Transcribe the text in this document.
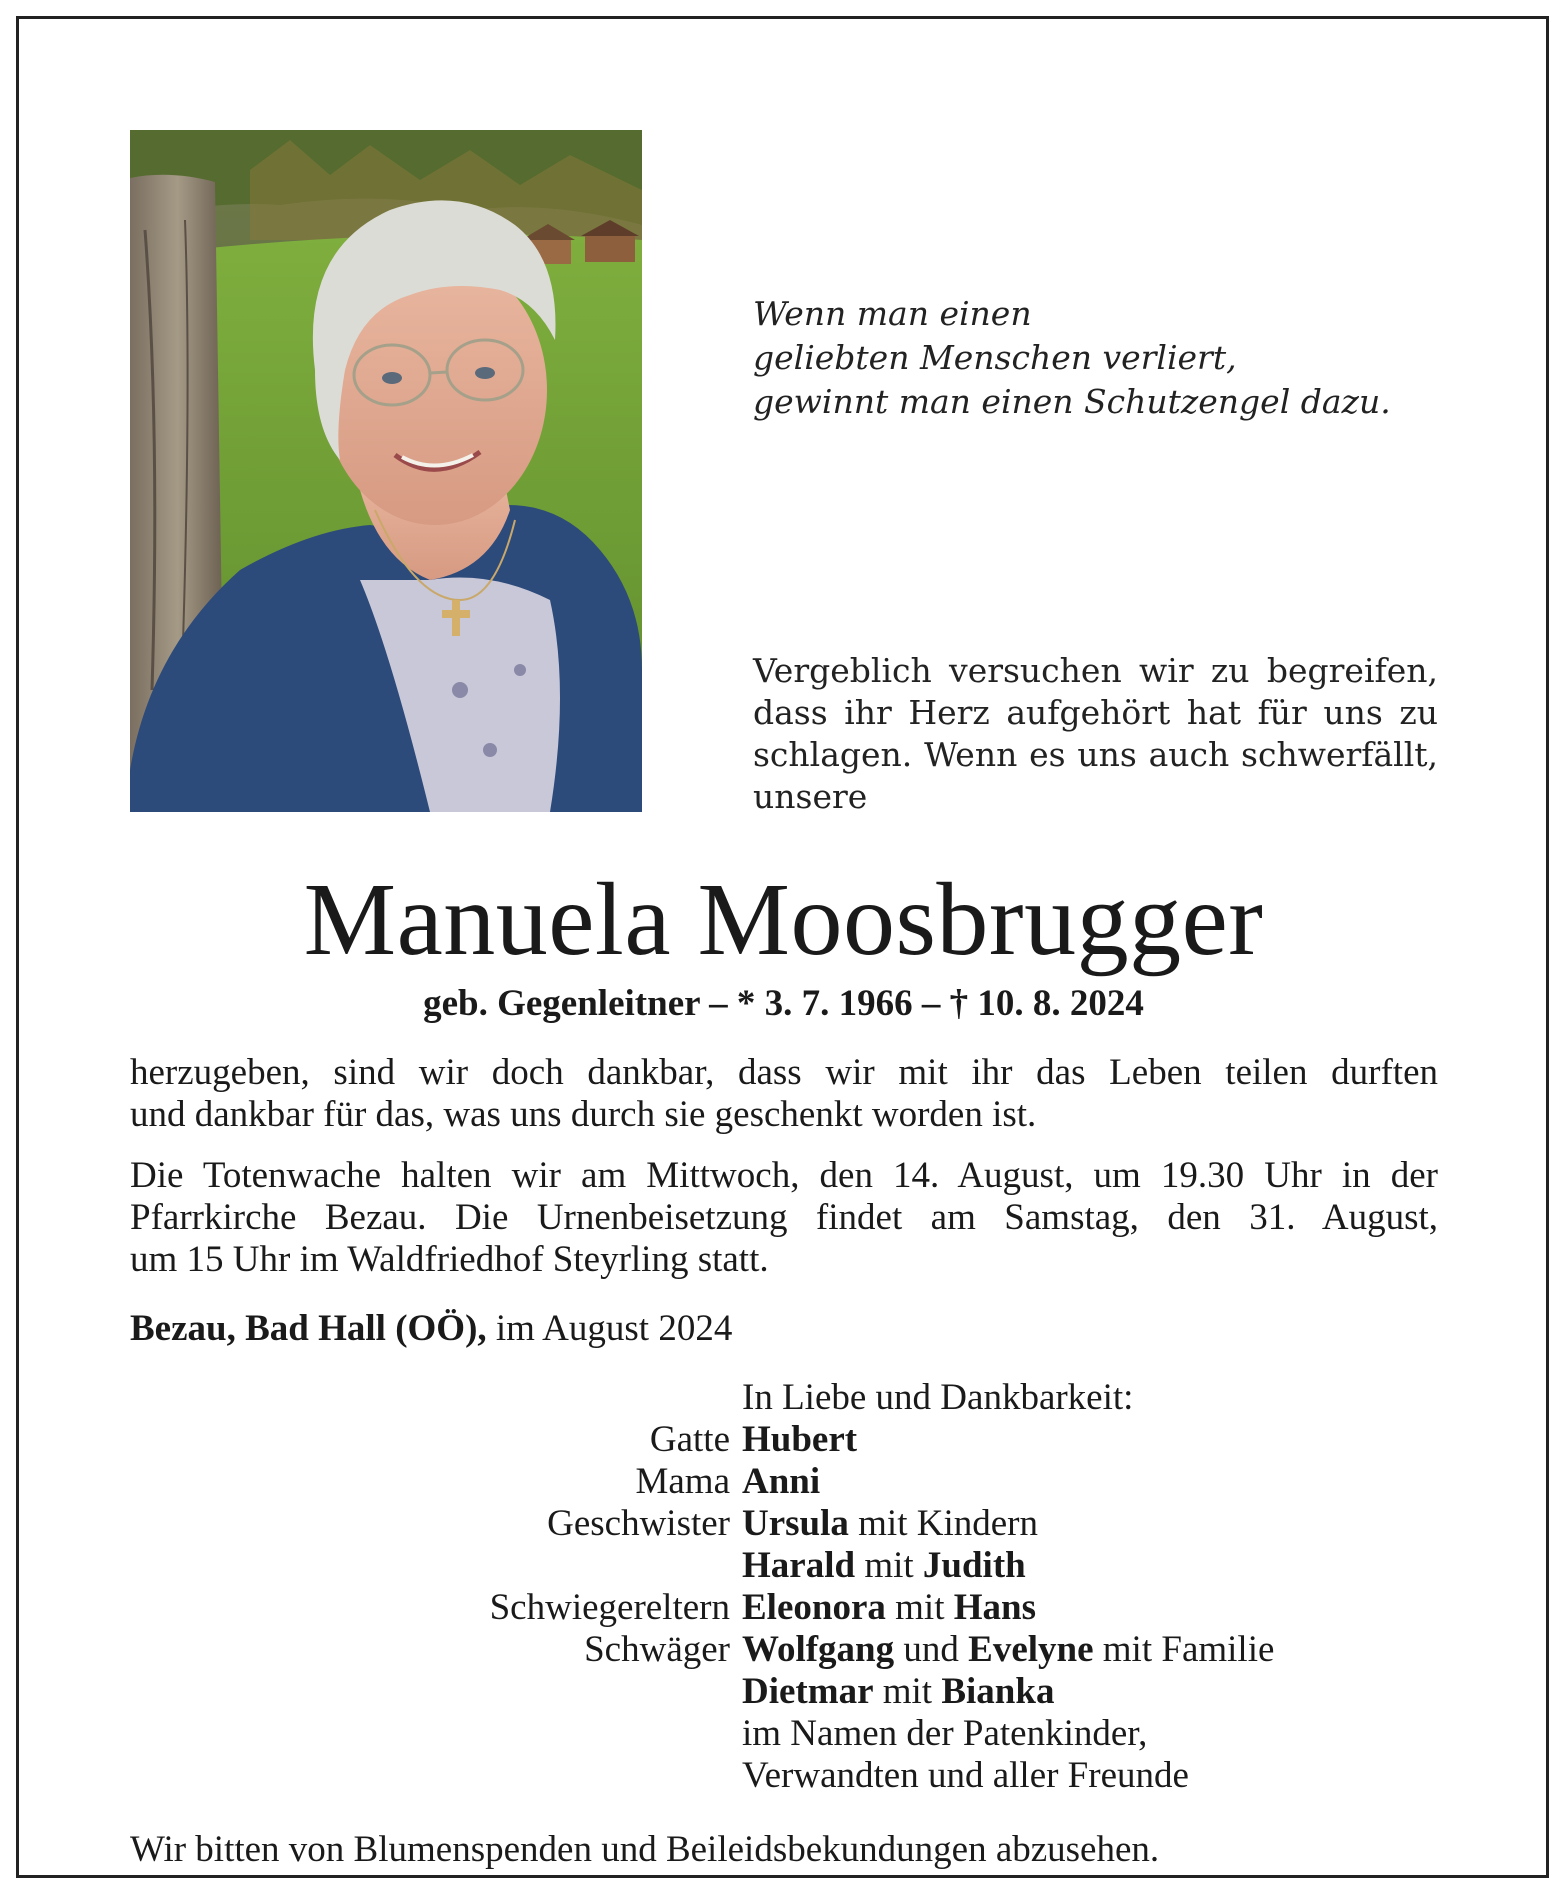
Wenn man einen
geliebten Menschen verliert,
gewinnt man einen Schutzengel dazu.
Vergeblich versuchen wir zu begreifen,
dass ihr Herz aufgehört hat für uns zu
schlagen. Wenn es uns auch schwerfällt,
unsere
Manuela Moosbrugger
geb. Gegenleitner – * 3. 7. 1966 – † 10. 8. 2024
herzugeben, sind wir doch dankbar, dass wir mit ihr das Leben teilen durften
und dankbar für das, was uns durch sie geschenkt worden ist.
Die Totenwache halten wir am Mittwoch, den 14. August, um 19.30 Uhr in der
Pfarrkirche Bezau. Die Urnenbeisetzung findet am Samstag, den 31. August,
um 15 Uhr im Waldfriedhof Steyrling statt.
Bezau, Bad Hall (OÖ), im August 2024
In Liebe und Dankbarkeit:
Gatte Hubert
Mama Anni
Geschwister Ursula mit Kindern
Harald mit Judith
Schwiegereltern Eleonora mit Hans
Schwäger Wolfgang und Evelyne mit Familie
Dietmar mit Bianka
im Namen der Patenkinder,
Verwandten und aller Freunde
Wir bitten von Blumenspenden und Beileidsbekundungen abzusehen.
